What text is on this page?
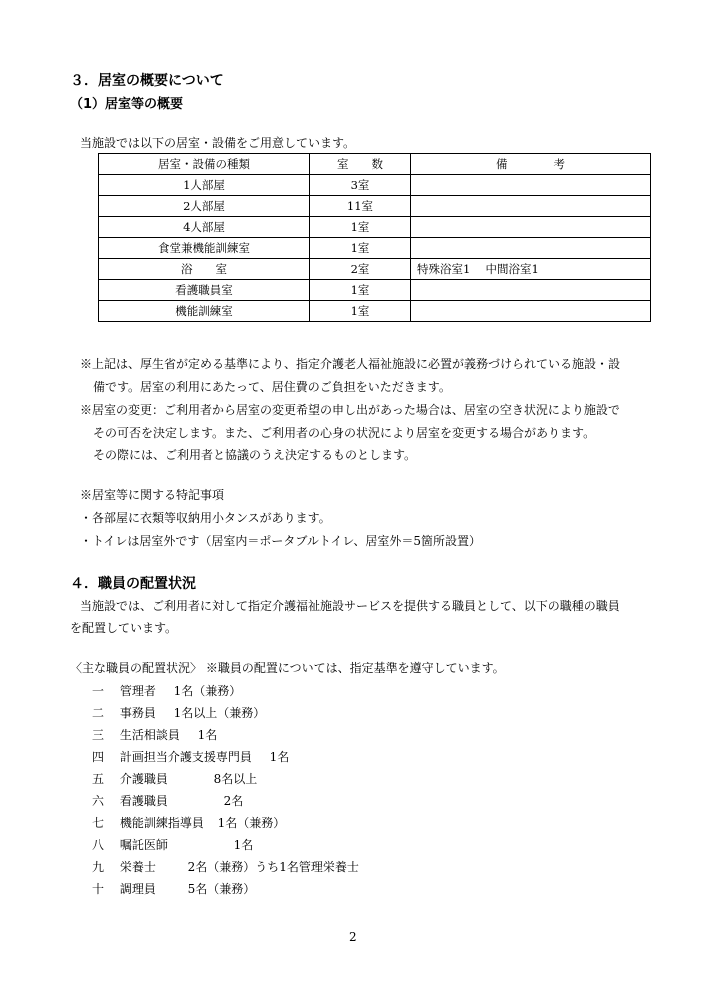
３．居室の概要について
（1）居室等の概要
当施設では以下の居室・設備をご用意しています。
居室・設備の種類	室　　数	備　　　　考
1人部屋	3室	
2人部屋	11室	
4人部屋	1室	
食堂兼機能訓練室	1室	
浴　　室	2室	特殊浴室1　 中間浴室1
看護職員室	1室	
機能訓練室	1室	
※上記は、厚生省が定める基準により、指定介護老人福祉施設に必置が義務づけられている施設・設
備です。居室の利用にあたって、居住費のご負担をいただきます。
※居室の変更：ご利用者から居室の変更希望の申し出があった場合は、居室の空き状況により施設で
その可否を決定します。また、ご利用者の心身の状況により居室を変更する場合があります。
その際には、ご利用者と協議のうえ決定するものとします。
※居室等に関する特記事項
・各部屋に衣類等収納用小タンスがあります。
・トイレは居室外です（居室内＝ポータブルトイレ、居室外＝5箇所設置）
４．職員の配置状況
当施設では、ご利用者に対して指定介護福祉施設サービスを提供する職員として、以下の職種の職員
を配置しています。
〈主な職員の配置状況〉 ※職員の配置については、指定基準を遵守しています。
一 管理者 1名（兼務）
二 事務員 1名以上（兼務）
三 生活相談員 1名
四 計画担当介護支援専門員 1名
五 介護職員	8名以上
六 看護職員	2名
七 機能訓練指導員 1名（兼務）
八 嘱託医師	1名
九 栄養士	2名（兼務）うち1名管理栄養士
十 調理員	5名（兼務）
2
